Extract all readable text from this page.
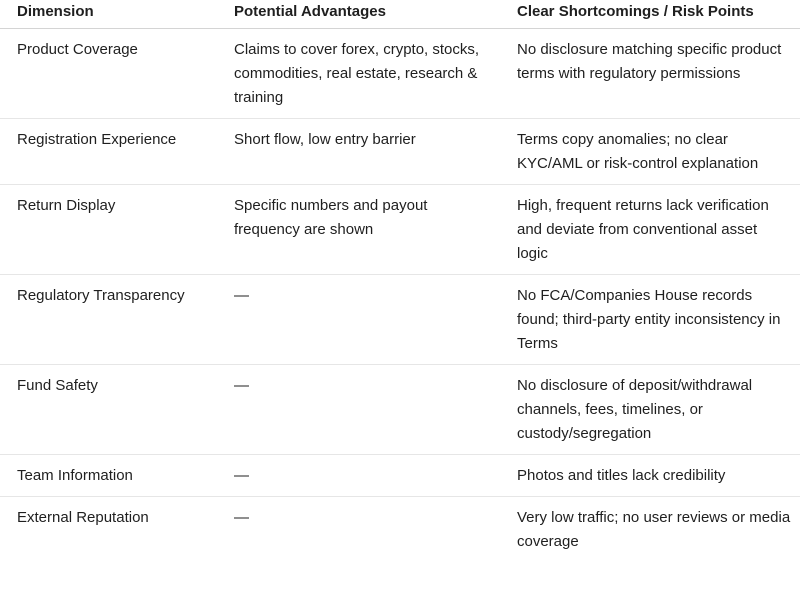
Dimension	Potential Advantages	Clear Shortcomings / Risk Points
Product Coverage	Claims to cover forex, crypto, stocks, commodities, real estate, research & training	No disclosure matching specific product terms with regulatory permissions
Registration Experience	Short flow, low entry barrier	Terms copy anomalies; no clear KYC/AML or risk-control explanation
Return Display	Specific numbers and payout frequency are shown	High, frequent returns lack verification and deviate from conventional asset logic
Regulatory Transparency	—	No FCA/Companies House records found; third-party entity inconsistency in Terms
Fund Safety	—	No disclosure of deposit/withdrawal channels, fees, timelines, or custody/segregation
Team Information	—	Photos and titles lack credibility
External Reputation	—	Very low traffic; no user reviews or media coverage
